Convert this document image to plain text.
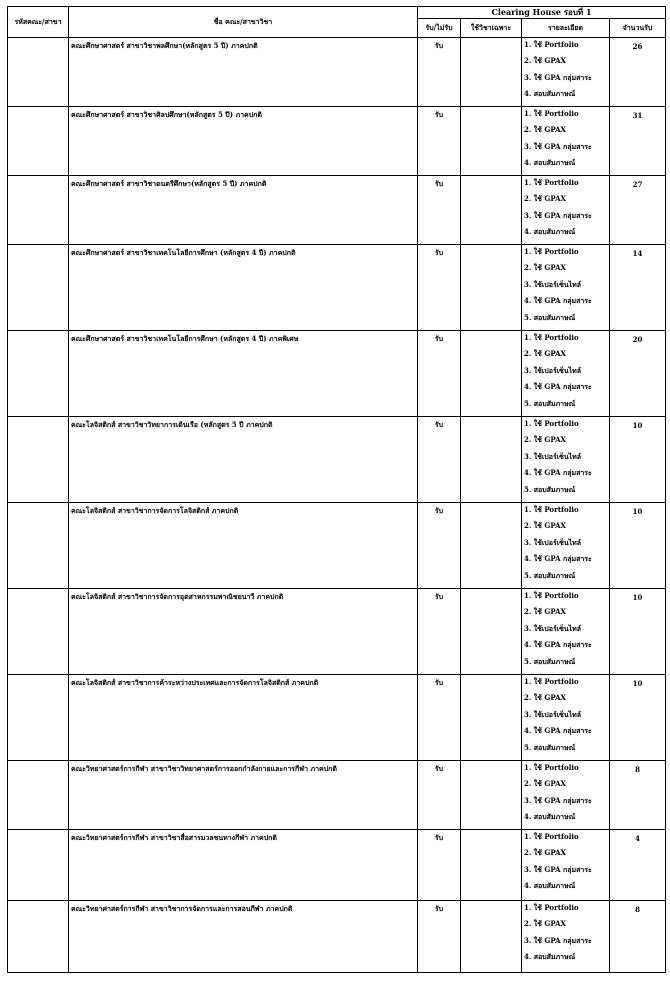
รหัสคณะ/สาขา	ชื่อ คณะ/สาขาวิชา	Clearing House รอบที่ 1			
		รับ/ไม่รับ	ใช้วิชาเฉพาะ	รายละเอียด	จำนวนรับ
	คณะศึกษาศาสตร์ สาขาวิชาพลศึกษา(หลักสูตร 5 ปี) ภาคปกติ	รับ		1. ใช้ Portfolio
2. ใช้ GPAX
3. ใช้ GPA กลุ่มสาระ
4. สอบสัมภาษณ์	26
	คณะศึกษาศาสตร์ สาขาวิชาศิลปศึกษา(หลักสูตร 5 ปี) ภาคปกติ	รับ		1. ใช้ Portfolio
2. ใช้ GPAX
3. ใช้ GPA กลุ่มสาระ
4. สอบสัมภาษณ์	31
	คณะศึกษาศาสตร์ สาขาวิชาดนตรีศึกษา(หลักสูตร 5 ปี) ภาคปกติ	รับ		1. ใช้ Portfolio
2. ใช้ GPAX
3. ใช้ GPA กลุ่มสาระ
4. สอบสัมภาษณ์	27
	คณะศึกษาศาสตร์ สาขาวิชาเทคโนโลยีการศึกษา (หลักสูตร 4 ปี) ภาคปกติ	รับ		1. ใช้ Portfolio
2. ใช้ GPAX
3. ใช้เปอร์เซ็นไทล์
4. ใช้ GPA กลุ่มสาระ
5. สอบสัมภาษณ์	14
	คณะศึกษาศาสตร์ สาขาวิชาเทคโนโลยีการศึกษา (หลักสูตร 4 ปี) ภาคพิเศษ	รับ		1. ใช้ Portfolio
2. ใช้ GPAX
3. ใช้เปอร์เซ็นไทล์
4. ใช้ GPA กลุ่มสาระ
5. สอบสัมภาษณ์	20
	คณะโลจิสติกส์ สาขาวิชาวิทยาการเดินเรือ (หลักสูตร 5 ปี ภาคปกติ	รับ		1. ใช้ Portfolio
2. ใช้ GPAX
3. ใช้เปอร์เซ็นไทล์
4. ใช้ GPA กลุ่มสาระ
5. สอบสัมภาษณ์	10
	คณะโลจิสติกส์ สาขาวิชาการจัดการโลจิสติกส์ ภาคปกติ	รับ		1. ใช้ Portfolio
2. ใช้ GPAX
3. ใช้เปอร์เซ็นไทล์
4. ใช้ GPA กลุ่มสาระ
5. สอบสัมภาษณ์	10
	คณะโลจิสติกส์ สาขาวิชาการจัดการอุตสาหกรรมพาณิชยนาวี ภาคปกติ	รับ		1. ใช้ Portfolio
2. ใช้ GPAX
3. ใช้เปอร์เซ็นไทล์
4. ใช้ GPA กลุ่มสาระ
5. สอบสัมภาษณ์	10
	คณะโลจิสติกส์ สาขาวิชาการค้าระหว่างประเทศและการจัดการโลจิสติกส์ ภาคปกติ	รับ		1. ใช้ Portfolio
2. ใช้ GPAX
3. ใช้เปอร์เซ็นไทล์
4. ใช้ GPA กลุ่มสาระ
5. สอบสัมภาษณ์	10
	คณะวิทยาศาสตร์การกีฬา สาขาวิชาวิทยาศาสตร์การออกกำลังกายและการกีฬา ภาคปกติ	รับ		1. ใช้ Portfolio
2. ใช้ GPAX
3. ใช้ GPA กลุ่มสาระ
4. สอบสัมภาษณ์	8
	คณะวิทยาศาสตร์การกีฬา สาขาวิชาสื่อสารมวลชนทางกีฬา ภาคปกติ	รับ		1. ใช้ Portfolio
2. ใช้ GPAX
3. ใช้ GPA กลุ่มสาระ
4. สอบสัมภาษณ์	4
	คณะวิทยาศาสตร์การกีฬา สาขาวิชาการจัดการและการสอนกีฬา ภาคปกติ	รับ		1. ใช้ Portfolio
2. ใช้ GPAX
3. ใช้ GPA กลุ่มสาระ
4. สอบสัมภาษณ์	8
